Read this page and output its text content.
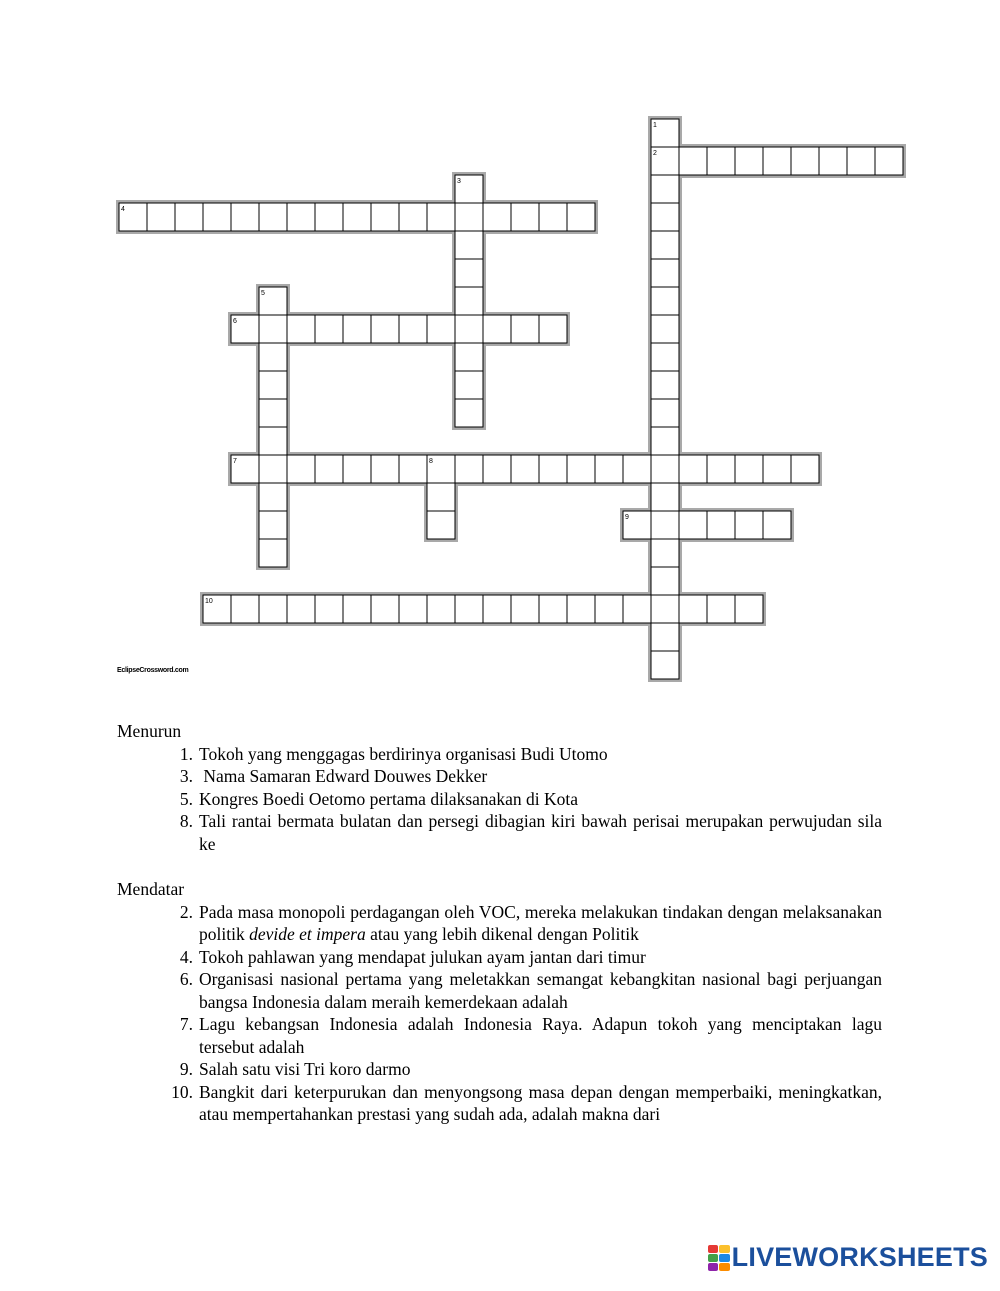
1
2
3
4
5
6
7	8
9
10
EclipseCrossword.com
Menurun
1. Tokoh yang menggagas berdirinya organisasi Budi Utomo
3. Nama Samaran Edward Douwes Dekker
5. Kongres Boedi Oetomo pertama dilaksanakan di Kota
8. Tali rantai bermata bulatan dan persegi dibagian kiri bawah perisai merupakan perwujudan sila ke
Mendatar
2. Pada masa monopoli perdagangan oleh VOC, mereka melakukan tindakan dengan melaksanakan politik devide et impera atau yang lebih dikenal dengan Politik
4. Tokoh pahlawan yang mendapat julukan ayam jantan dari timur
6. Organisasi nasional pertama yang meletakkan semangat kebangkitan nasional bagi perjuangan bangsa Indonesia dalam meraih kemerdekaan adalah
7. Lagu kebangsan Indonesia adalah Indonesia Raya. Adapun tokoh yang menciptakan lagu tersebut adalah
9. Salah satu visi Tri koro darmo
10. Bangkit dari keterpurukan dan menyongsong masa depan dengan memperbaiki, meningkatkan, atau mempertahankan prestasi yang sudah ada, adalah makna dari
LIVEWORKSHEETS
